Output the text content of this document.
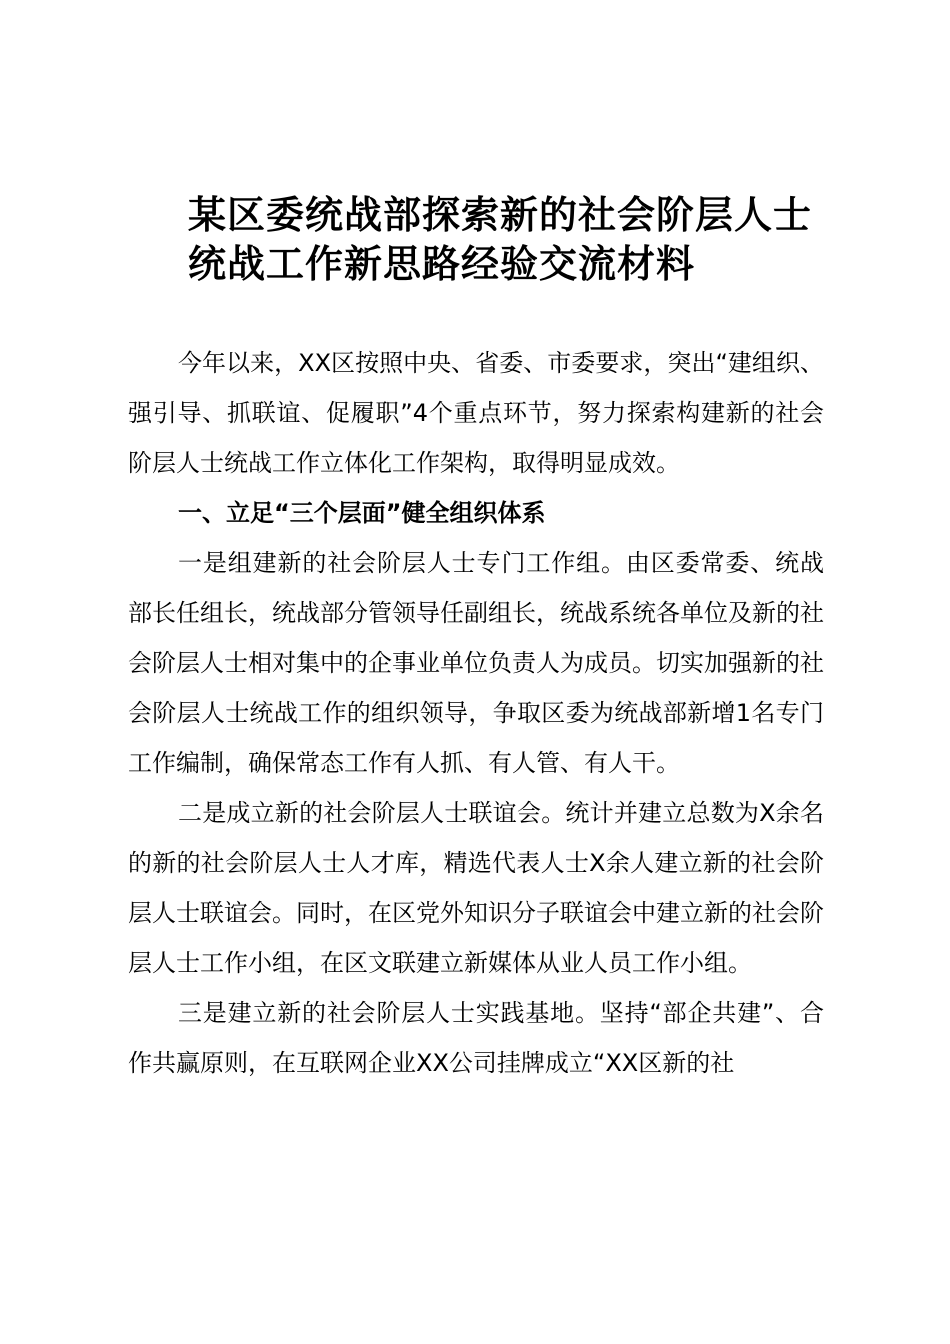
某区委统战部探索新的社会阶层人士统战工作新思路经验交流材料

今年以来，XX区按照中央、省委、市委要求，突出“建组织、强引导、抓联谊、促履职”4个重点环节，努力探索构建新的社会阶层人士统战工作立体化工作架构，取得明显成效。

一、立足“三个层面”健全组织体系

一是组建新的社会阶层人士专门工作组。由区委常委、统战部长任组长，统战部分管领导任副组长，统战系统各单位及新的社会阶层人士相对集中的企事业单位负责人为成员。切实加强新的社会阶层人士统战工作的组织领导，争取区委为统战部新增1名专门工作编制，确保常态工作有人抓、有人管、有人干。

二是成立新的社会阶层人士联谊会。统计并建立总数为X余名的新的社会阶层人士人才库，精选代表人士X余人建立新的社会阶层人士联谊会。同时，在区党外知识分子联谊会中建立新的社会阶层人士工作小组，在区文联建立新媒体从业人员工作小组。

三是建立新的社会阶层人士实践基地。坚持“部企共建”、合作共赢原则，在互联网企业XX公司挂牌成立“XX区新的社
